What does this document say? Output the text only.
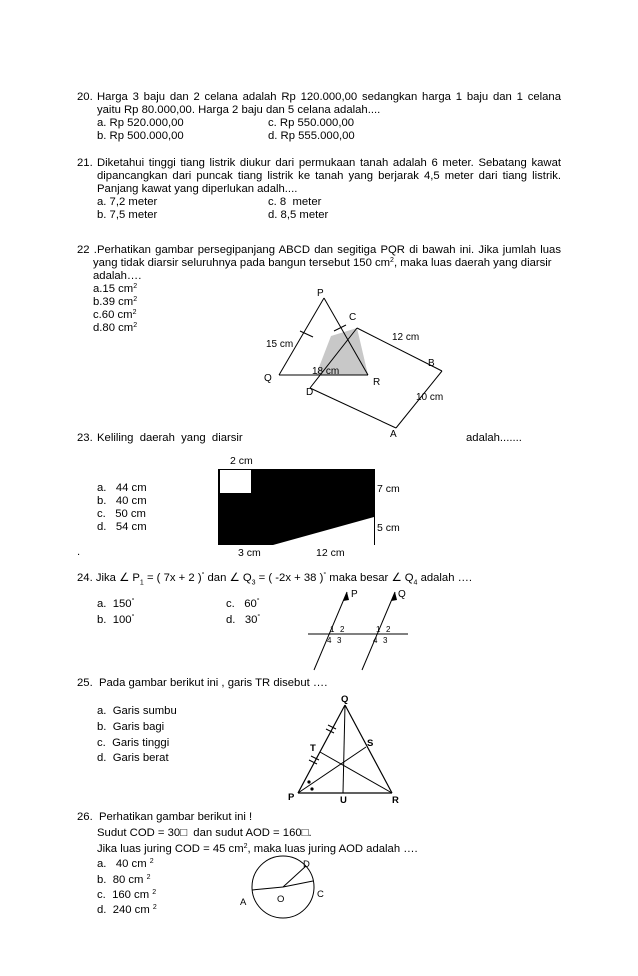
20. Harga 3 baju dan 2 celana adalah Rp 120.000,00 sedangkan harga 1 baju dan 1 celana
yaitu Rp 80.000,00. Harga 2 baju dan 5 celana adalah....
a. Rp 520.000,00	c. Rp 550.000,00
b. Rp 500.000,00	d. Rp 555.000,00
21. Diketahui tinggi tiang listrik diukur dari permukaan tanah adalah 6 meter. Sebatang kawat
dipancangkan dari puncak tiang listrik ke tanah yang berjarak 4,5 meter dari tiang listrik.
Panjang kawat yang diperlukan adalh....
a. 7,2 meter	c. 8  meter
b. 7,5 meter	d. 8,5 meter
22 .Perhatikan gambar persegipanjang ABCD dan segitiga PQR di bawah ini. Jika jumlah luas
yang tidak diarsir seluruhnya pada bangun tersebut 150 $cm^2$, maka luas daerah yang diarsir
adalah….
a.15 $cm^2$
b.39 $cm^2$
c.60 $cm^2$
d.80 $cm^2$
P
C
15 cm
12 cm
B
18 cm
Q	R
D	10 cm
A
23. Keliling  daerah  yang  diarsir	adalah.......
2 cm
7 cm
5 cm
3 cm	12 cm
a.   44 cm
b.   40 cm
c.   50 cm
d.   54 cm
.
24. Jika ∠ $P_1$ = ( 7x + 2 )° dan ∠ $Q_3$ = ( -2x + 38 )° maka besar ∠ $Q_4$ adalah ….
a.  150°	c.   60°
b.  100°	d.   30°
P	Q
1 2
4 3
1 2
4 3
25.  Pada gambar berikut ini , garis TR disebut ….
a.  Garis sumbu
b.  Garis bagi
c.  Garis tinggi
d.  Garis berat
Q
T	S
P	U	R
26.  Perhatikan gambar berikut ini !
Sudut COD = 30□  dan sudut AOD = 160□.
Jika luas juring COD = 45 $cm^2$, maka luas juring AOD adalah ….
a.   40 cm $^2$
b.  80 cm $^2$
c.  160 cm $^2$
d.  240 cm $^2$
D
C
O
A
